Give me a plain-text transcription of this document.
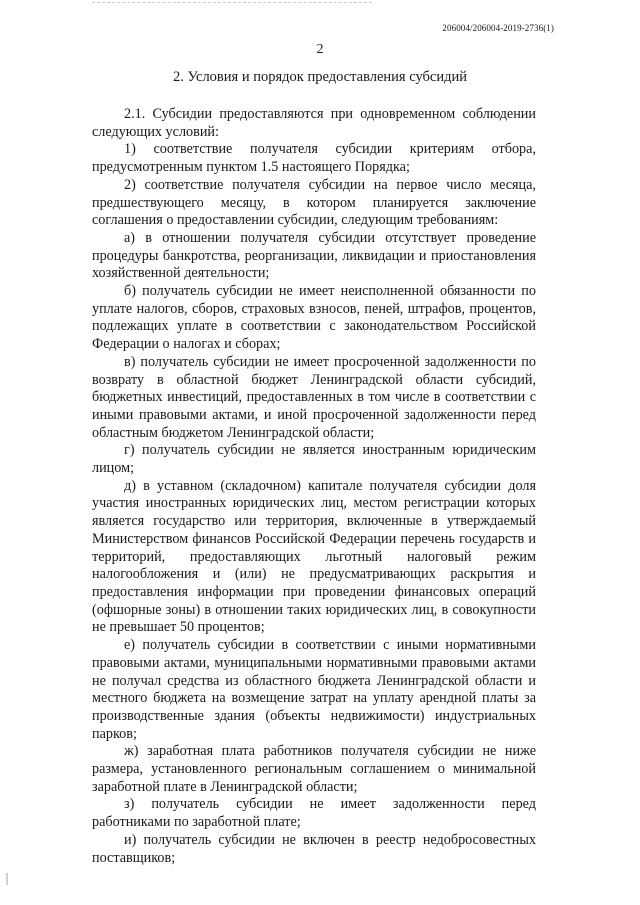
206004/206004-2019-2736(1)
2
2. Условия и порядок предоставления субсидий

2.1. Субсидии предоставляются при одновременном соблюдении следующих условий:

1) соответствие получателя субсидии критериям отбора, предусмотренным пунктом 1.5 настоящего Порядка;

2) соответствие получателя субсидии на первое число месяца, предшествующего месяцу, в котором планируется заключение соглашения о предоставлении субсидии, следующим требованиям:

а) в отношении получателя субсидии отсутствует проведение процедуры банкротства, реорганизации, ликвидации и приостановления хозяйственной деятельности;

б) получатель субсидии не имеет неисполненной обязанности по уплате налогов, сборов, страховых взносов, пеней, штрафов, процентов, подлежащих уплате в соответствии с законодательством Российской Федерации о налогах и сборах;

в) получатель субсидии не имеет просроченной задолженности по возврату в областной бюджет Ленинградской области субсидий, бюджетных инвестиций, предоставленных в том числе в соответствии с иными правовыми актами, и иной просроченной задолженности перед областным бюджетом Ленинградской области;

г) получатель субсидии не является иностранным юридическим лицом;

д) в уставном (складочном) капитале получателя субсидии доля участия иностранных юридических лиц, местом регистрации которых является государство или территория, включенные в утверждаемый Министерством финансов Российской Федерации перечень государств и территорий, предоставляющих льготный налоговый режим налогообложения и (или) не предусматривающих раскрытия и предоставления информации при проведении финансовых операций (офшорные зоны) в отношении таких юридических лиц, в совокупности не превышает 50 процентов;

е) получатель субсидии в соответствии с иными нормативными правовыми актами, муниципальными нормативными правовыми актами не получал средства из областного бюджета Ленинградской области и местного бюджета на возмещение затрат на уплату арендной платы за производственные здания (объекты недвижимости) индустриальных парков;

ж) заработная плата работников получателя субсидии не ниже размера, установленного региональным соглашением о минимальной заработной плате в Ленинградской области;

з) получатель субсидии не имеет задолженности перед работниками по заработной плате;

и) получатель субсидии не включен в реестр недобросовестных поставщиков;
